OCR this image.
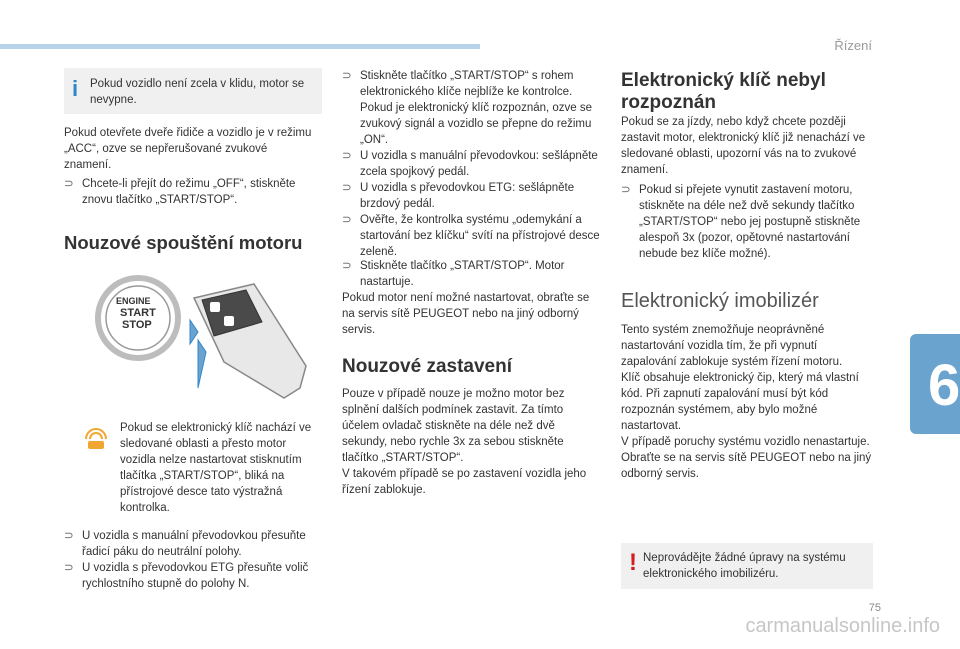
Řízení
6
i Pokud vozidlo není zcela v klidu, motor se nevypne.
Pokud otevřete dveře řidiče a vozidlo je v režimu „ACC“, ozve se nepřerušované zvukové znamení.
⊃ Chcete-li přejít do režimu „OFF“, stiskněte znovu tlačítko „START/STOP“.
Nouzové spouštění motoru
ENGINE
START
STOP
Pokud se elektronický klíč nachází ve sledované oblasti a přesto motor vozidla nelze nastartovat stisknutím tlačítka „START/STOP“, bliká na přístrojové desce tato výstražná kontrolka.
⊃ U vozidla s manuální převodovkou přesuňte řadicí páku do neutrální polohy.
⊃ U vozidla s převodovkou ETG přesuňte volič rychlostního stupně do polohy N.
⊃ Stiskněte tlačítko „START/STOP“ s rohem elektronického klíče nejblíže ke kontrolce. Pokud je elektronický klíč rozpoznán, ozve se zvukový signál a vozidlo se přepne do režimu „ON“.
⊃ U vozidla s manuální převodovkou: sešlápněte zcela spojkový pedál.
⊃ U vozidla s převodovkou ETG: sešlápněte brzdový pedál.
⊃ Ověřte, že kontrolka systému „odemykání a startování bez klíčku“ svítí na přístrojové desce zeleně.
⊃ Stiskněte tlačítko „START/STOP“. Motor nastartuje.
Pokud motor není možné nastartovat, obraťte se na servis sítě PEUGEOT nebo na jiný odborný servis.
Nouzové zastavení
Pouze v případě nouze je možno motor bez splnění dalších podmínek zastavit. Za tímto účelem ovladač stiskněte na déle než dvě sekundy, nebo rychle 3x za sebou stiskněte tlačítko „START/STOP“.
V takovém případě se po zastavení vozidla jeho řízení zablokuje.
Elektronický klíč nebyl rozpoznán
Pokud se za jízdy, nebo když chcete později zastavit motor, elektronický klíč již nenachází ve sledované oblasti, upozorní vás na to zvukové znamení.
⊃ Pokud si přejete vynutit zastavení motoru, stiskněte na déle než dvě sekundy tlačítko „START/STOP“ nebo jej postupně stiskněte alespoň 3x (pozor, opětovné nastartování nebude bez klíče možné).
Elektronický imobilizér
Tento systém znemožňuje neoprávněné nastartování vozidla tím, že při vypnutí zapalování zablokuje systém řízení motoru.
Klíč obsahuje elektronický čip, který má vlastní kód. Při zapnutí zapalování musí být kód rozpoznán systémem, aby bylo možné nastartovat.
V případě poruchy systému vozidlo nenastartuje.
Obraťte se na servis sítě PEUGEOT nebo na jiný odborný servis.
! Neprovádějte žádné úpravy na systému elektronického imobilizéru.
75
carmanualsonline.info
